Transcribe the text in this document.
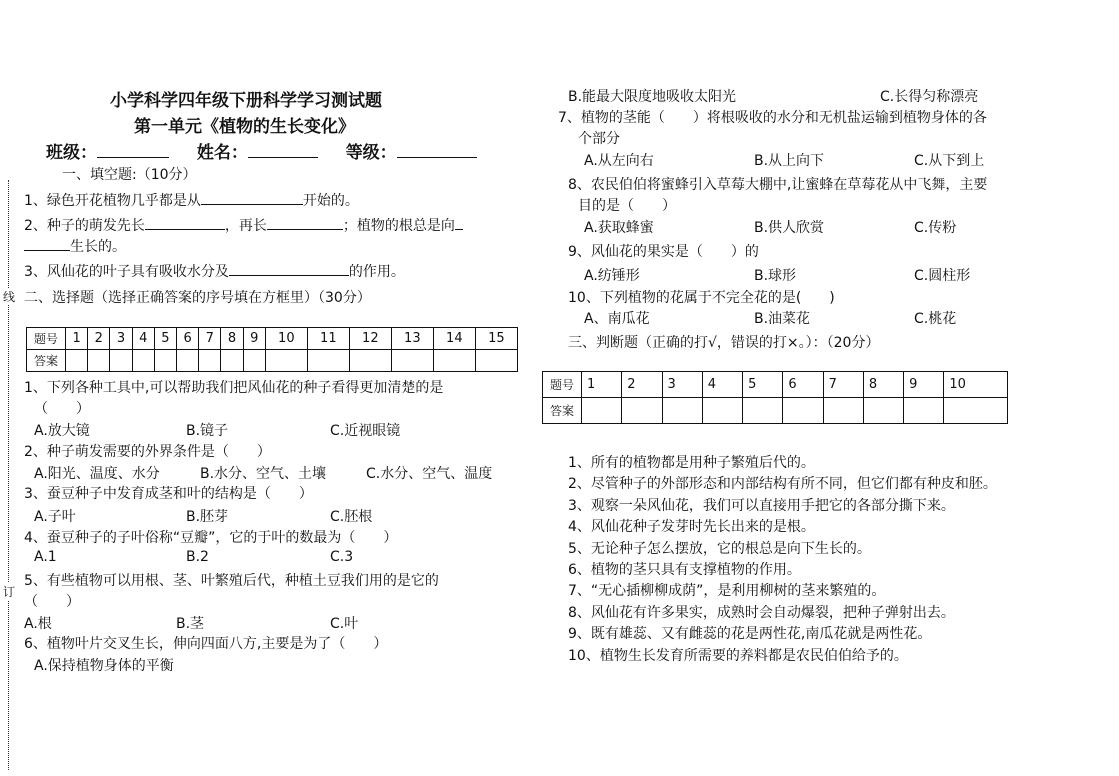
线
订
小学科学四年级下册科学学习测试题
第一单元《植物的生长变化》
班级：	姓名：	等级：
一、填空题:（10分）
1、绿色开花植物几乎都是从	开始的。
2、种子的萌发先长	，再长	；植物的根总是向
生长的。
3、风仙花的叶子具有吸收水分及	的作用。
二、选择题（选择正确答案的序号填在方框里）（30分）
题号	1	2	3	4	5	6	7	8	9	10	11	12	13	14	15
答案															
1、下列各种工具中,可以帮助我们把风仙花的种子看得更加清楚的是
（　　）
A.放大镜	B.镜子	C.近视眼镜
2、种子萌发需要的外界条件是（　　）
A.阳光、温度、水分	B.水分、空气、土壤	C.水分、空气、温度
3、蚕豆种子中发育成茎和叶的结构是（　　）
A.子叶	B.胚芽	C.胚根
4、蚕豆种子的子叶俗称“豆瓣”，它的于叶的数最为（　　）
A.1	B.2	C.3
5、有些植物可以用根、茎、叶繁殖后代，种植土豆我们用的是它的
（　　）
A.根	B.茎	C.叶
6、植物叶片交叉生长，伸向四面八方,主要是为了（　　）
A.保持植物身体的平衡
B.能最大限度地吸收太阳光	C.长得匀称漂亮
7、植物的茎能（　　）将根吸收的水分和无机盐运输到植物身体的各
个部分
A.从左向右	B.从上向下	C.从下到上
8、农民伯伯将蜜蜂引入草莓大棚中,让蜜蜂在草莓花从中飞舞，主要
目的是（　　）
A.获取蜂蜜	B.供人欣赏	C.传粉
9、风仙花的果实是（　　）的
A.纺锤形	B.球形	C.圆柱形
10、下列植物的花属于不完全花的是(　　)
A、南瓜花	B.油菜花	C.桃花
三、判断题（正确的打√，错误的打×。）：（20分）
题号	1	2	3	4	5	6	7	8	9	10
答案										
1、所有的植物都是用种子繁殖后代的。
2、尽管种子的外部形态和内部结构有所不同，但它们都有种皮和胚。
3、观察一朵风仙花，我们可以直接用手把它的各部分撕下来。
4、风仙花种子发芽时先长出来的是根。
5、无论种子怎么摆放，它的根总是向下生长的。
6、植物的茎只具有支撑植物的作用。
7、“无心插柳柳成荫”，是利用柳树的茎来繁殖的。
8、风仙花有许多果实，成熟时会自动爆裂，把种子弹射出去。
9、既有雄蕊、又有雌蕊的花是两性花,南瓜花就是两性花。
10、植物生长发育所需要的养料都是农民伯伯给予的。
